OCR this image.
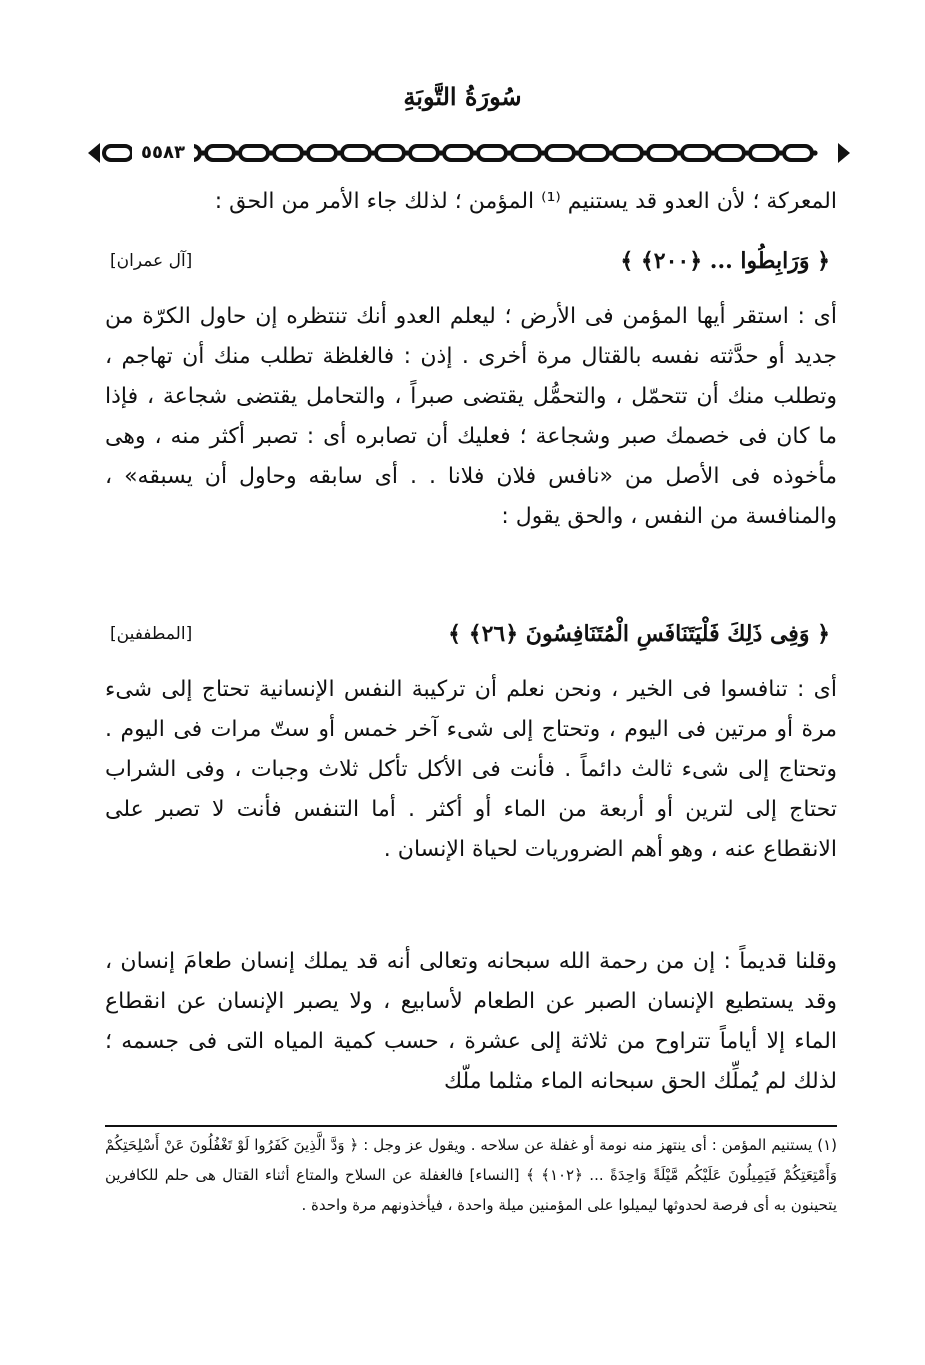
سُورَةُ التَّوبَةِ
٥٥٨٣
المعركة ؛ لأن العدو قد يستنيم ⁽¹⁾ المؤمن ؛ لذلك جاء الأمر من الحق :
﴿ وَرَابِطُوا ... ﴿٢٠٠﴾ ﴾
[آل عمران]
أى : استقر أيها المؤمن فى الأرض ؛ ليعلم العدو أنك تنتظره إن حاول الكرّة من جديد أو حدَّثته نفسه بالقتال مرة أخرى . إذن : فالغلظة تطلب منك أن تهاجم ، وتطلب منك أن تتحمّل ، والتحمُّل يقتضى صبراً ، والتحامل يقتضى شجاعة ، فإذا ما كان فى خصمك صبر وشجاعة ؛ فعليك أن تصابره أى : تصبر أكثر منه ، وهى مأخوذه فى الأصل من «نافس فلان فلانا . . أى سابقه وحاول أن يسبقه» ، والمنافسة من النفس ، والحق يقول :
﴿ وَفِى ذَلِكَ فَلْيَتَنَافَسِ الْمُتَنَافِسُونَ ﴿٢٦﴾ ﴾
[المطففين]
أى : تنافسوا فى الخير ، ونحن نعلم أن تركيبة النفس الإنسانية تحتاج إلى شىء مرة أو مرتين فى اليوم ، وتحتاج إلى شىء آخر خمس أو ستّ مرات فى اليوم . وتحتاج إلى شىء ثالث دائماً . فأنت فى الأكل تأكل ثلاث وجبات ، وفى الشراب تحتاج إلى لترين أو أربعة من الماء أو أكثر . أما التنفس فأنت لا تصبر على الانقطاع عنه ، وهو أهم الضروريات لحياة الإنسان .
وقلنا قديماً : إن من رحمة الله سبحانه وتعالى أنه قد يملك إنسان طعامَ إنسان ، وقد يستطيع الإنسان الصبر عن الطعام لأسابيع ، ولا يصبر الإنسان عن انقطاع الماء إلا أياماً تتراوح من ثلاثة إلى عشرة ، حسب كمية المياه التى فى جسمه ؛ لذلك لم يُملِّك الحق سبحانه الماء مثلما ملّك
(١) يستنيم المؤمن : أى ينتهز منه نومة أو غفلة عن سلاحه . ويقول عز وجل : ﴿ وَدَّ الَّذِينَ كَفَرُوا لَوْ تَغْفُلُونَ عَنْ أَسْلِحَتِكُمْ وَأَمْتِعَتِكُمْ فَيَمِيلُونَ عَلَيْكُم مَّيْلَةً وَاحِدَةً ... ﴿١٠٢﴾ ﴾ [النساء] فالغفلة عن السلاح والمتاع أثناء القتال هى حلم للكافرين يتحينون به أى فرصة لحدوثها ليميلوا على المؤمنين ميلة واحدة ، فيأخذونهم مرة واحدة .
